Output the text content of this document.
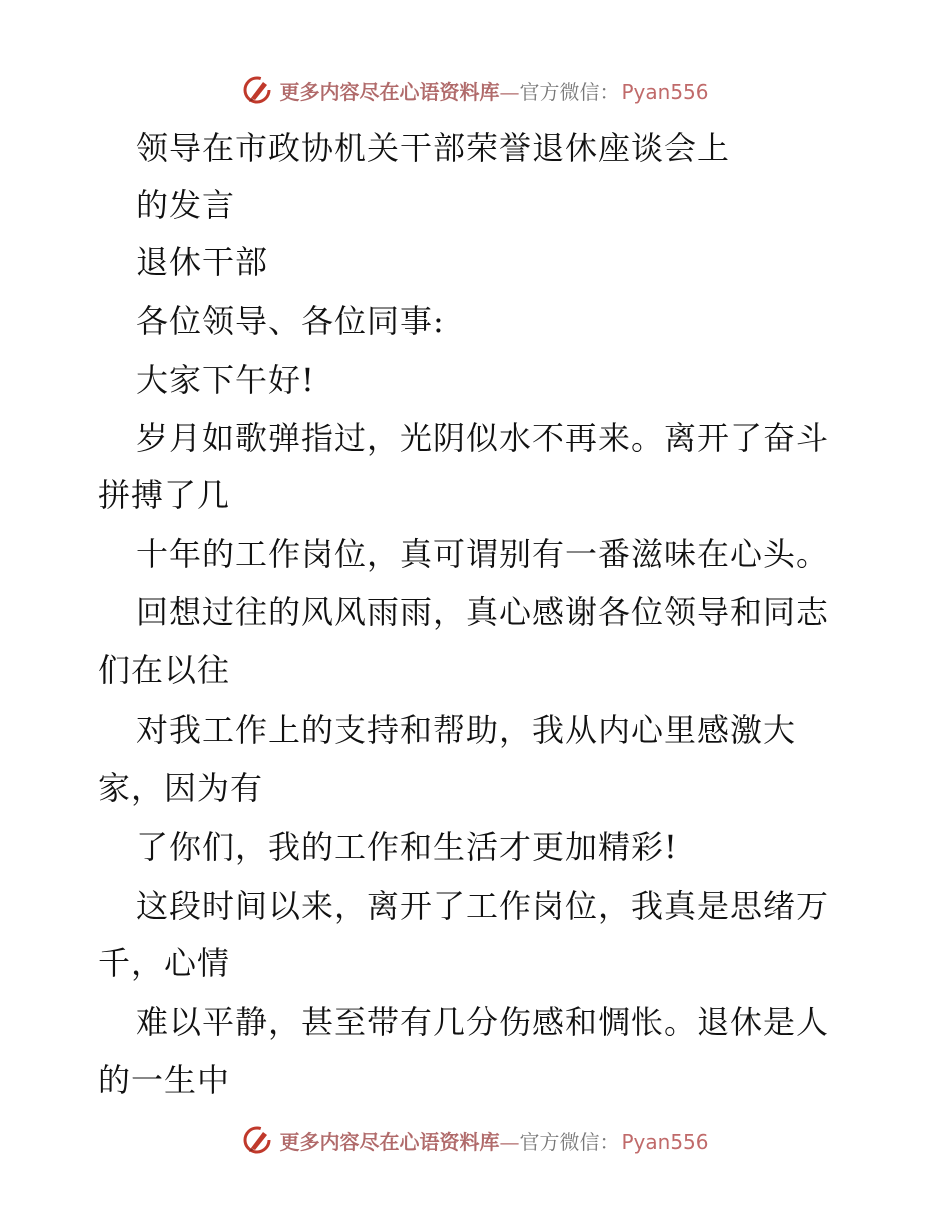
更多内容尽在心语资料库—官方微信： Pyan556
领导在市政协机关干部荣誉退休座谈会上
的发言
退休干部
各位领导、各位同事:
大家下午好!
岁月如歌弹指过，光阴似水不再来。离开了奋斗
拼搏了几
十年的工作岗位，真可谓别有一番滋味在心头。
回想过往的风风雨雨，真心感谢各位领导和同志
们在以往
对我工作上的支持和帮助，我从内心里感激大
家，因为有
了你们，我的工作和生活才更加精彩!
这段时间以来，离开了工作岗位，我真是思绪万
千，心情
难以平静，甚至带有几分伤感和惆怅。退休是人
的一生中
更多内容尽在心语资料库—官方微信： Pyan556
